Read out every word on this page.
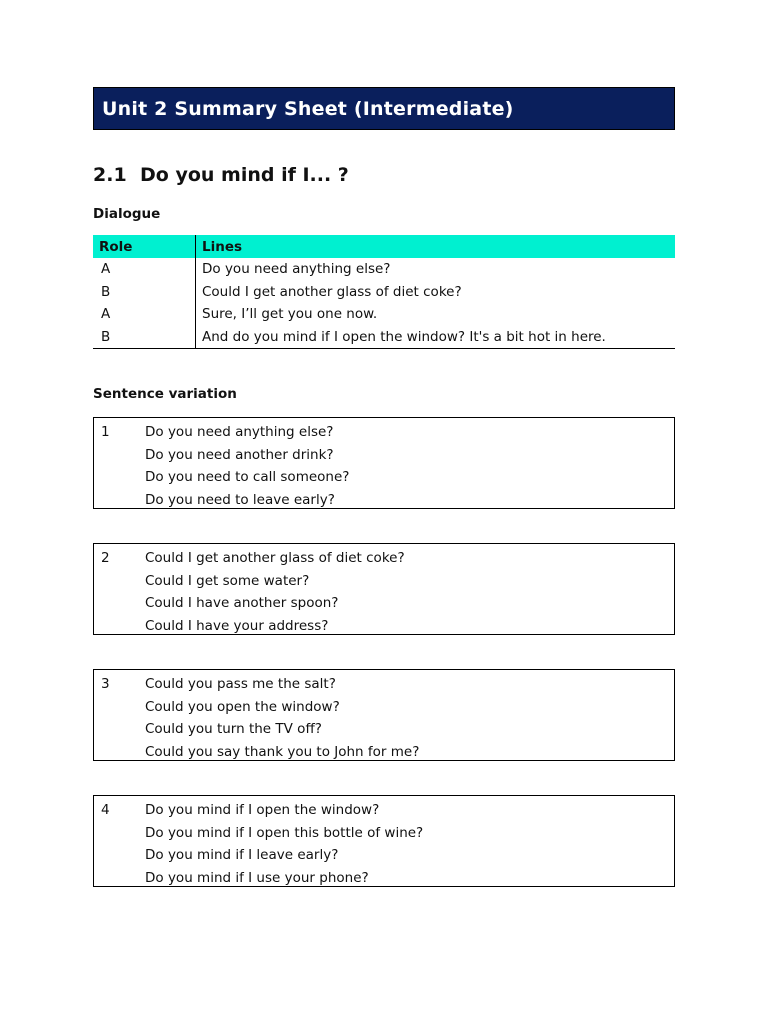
Unit 2 Summary Sheet (Intermediate)
2.1 Do you mind if I... ?
Dialogue
Role	Lines
A	Do you need anything else?
B	Could I get another glass of diet coke?
A	Sure, I’ll get you one now.
B	And do you mind if I open the window? It's a bit hot in here.
Sentence variation
1	Do you need anything else?
Do you need another drink?
Do you need to call someone?
Do you need to leave early?
2	Could I get another glass of diet coke?
Could I get some water?
Could I have another spoon?
Could I have your address?
3	Could you pass me the salt?
Could you open the window?
Could you turn the TV off?
Could you say thank you to John for me?
4	Do you mind if I open the window?
Do you mind if I open this bottle of wine?
Do you mind if I leave early?
Do you mind if I use your phone?
